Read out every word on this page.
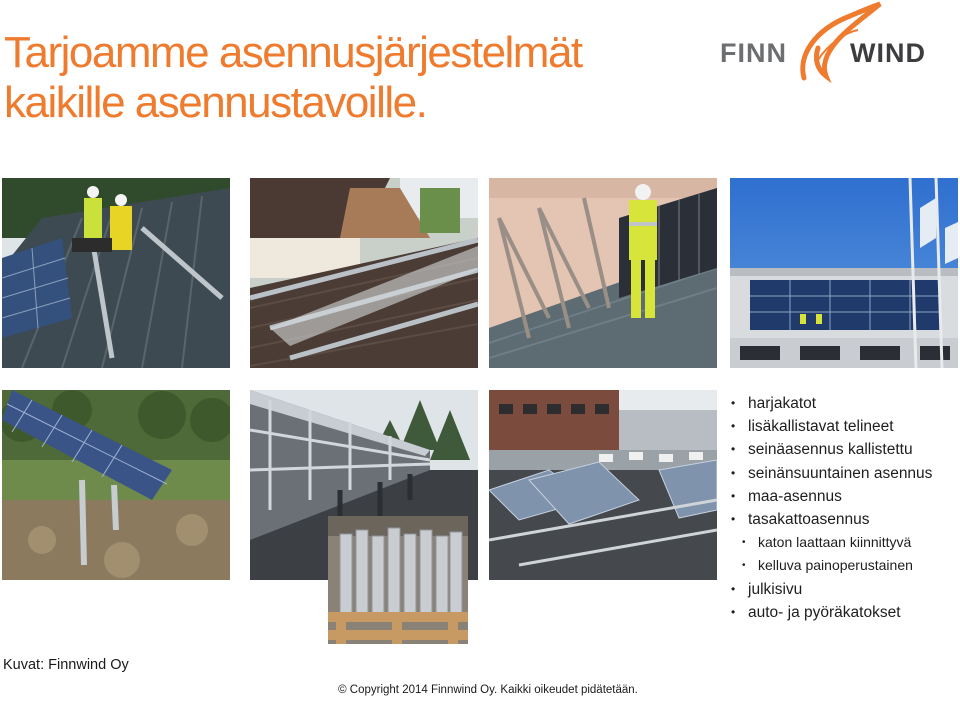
Tarjoamme asennusjärjestelmät
kaikille asennustavoille.
FINN WIND
• harjakatot
• lisäkallistavat telineet
• seinäasennus kallistettu
• seinänsuuntainen asennus
• maa-asennus
• tasakattoasennus
• katon laattaan kiinnittyvä
• kelluva painoperustainen
• julkisivu
• auto- ja pyöräkatokset
Kuvat: Finnwind Oy
© Copyright 2014 Finnwind Oy. Kaikki oikeudet pidätetään.
